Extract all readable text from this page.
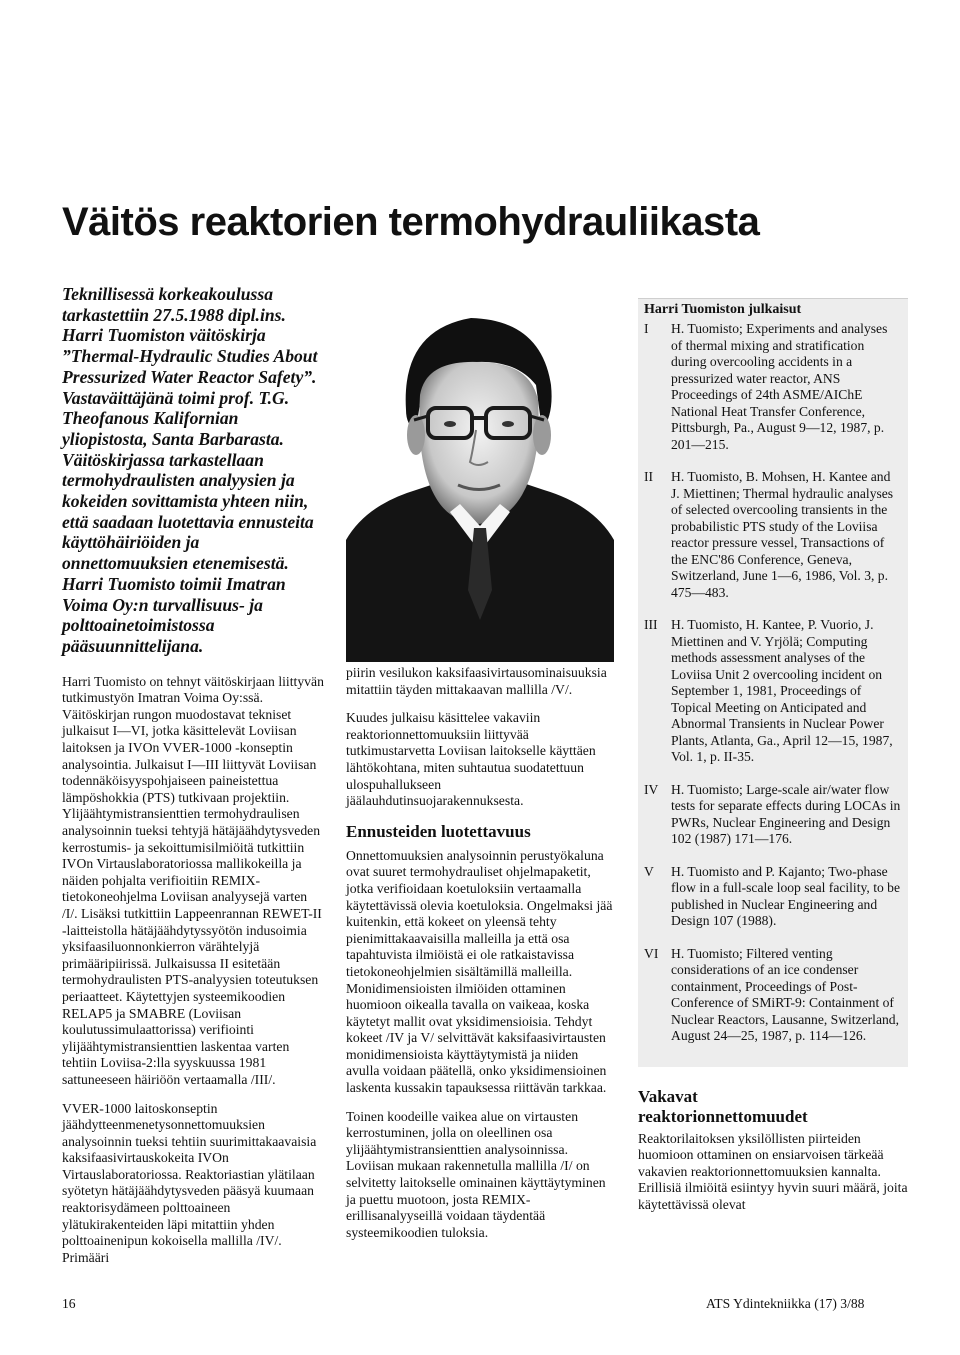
Väitös reaktorien termohydrauliikasta

Teknillisessä korkeakoulussa tarkastettiin 27.5.1988 dipl.ins. Harri Tuomiston väitöskirja ”Thermal-Hydraulic Studies About Pressurized Water Reactor Safety”. Vastaväittäjänä toimi prof. T.G. Theofanous Kalifornian yliopistosta, Santa Barbarasta. Väitöskirjassa tarkastellaan termohydraulisten analyysien ja kokeiden sovittamista yhteen niin, että saadaan luotettavia ennusteita käyttöhäiriöiden ja onnettomuuksien etenemisestä. Harri Tuomisto toimii Imatran Voima Oy:n turvallisuus- ja polttoainetoimistossa pääsuunnittelijana.

Harri Tuomisto on tehnyt väitöskirjaan liittyvän tutkimustyön Imatran Voima Oy:ssä. Väitöskirjan rungon muodostavat tekniset julkaisut I—VI, jotka käsittelevät Loviisan laitoksen ja IVOn VVER-1000 -konseptin analysointia. Julkaisut I—III liittyvät Loviisan todennäköisyyspohjaiseen paineistettua lämpöshokkia (PTS) tutkivaan projektiin. Ylijäähtymistransienttien termohydraulisen analysoinnin tueksi tehtyjä hätäjäähdytysveden kerrostumis- ja sekoittumisilmiöitä tutkittiin IVOn Virtauslaboratoriossa mallikokeilla ja näiden pohjalta verifioitiin REMIX-tietokoneohjelma Loviisan analyysejä varten /I/. Lisäksi tutkittiin Lappeenrannan REWET-II -laitteistolla hätäjäähdytyssyötön indusoimia yksifaasiluonnonkierron värähtelyjä primääripiirissä. Julkaisussa II esitetään termohydraulisten PTS-analyysien toteutuksen periaatteet. Käytettyjen systeemikoodien RELAP5 ja SMABRE (Loviisan koulutussimulaattorissa) verifiointi ylijäähtymistransienttien laskentaa varten tehtiin Loviisa-2:lla syyskuussa 1981 sattuneeseen häiriöön vertaamalla /III/.

VVER-1000 laitoskonseptin jäähdytteenmenetysonnettomuuksien analysoinnin tueksi tehtiin suurimittakaavaisia kaksifaasivirtauskokeita IVOn Virtauslaboratoriossa. Reaktoriastian ylätilaan syötetyn hätäjäähdytysveden pääsyä kuumaan reaktorisydämeen polttoaineen ylätukirakenteiden läpi mitattiin yhden polttoainenipun kokoisella mallilla /IV/. Primääri

piirin vesilukon kaksifaasivirtausominaisuuksia mitattiin täyden mittakaavan mallilla /V/.

Kuudes julkaisu käsittelee vakaviin reaktorionnettomuuksiin liittyvää tutkimustarvetta Loviisan laitokselle käyttäen lähtökohtana, miten suhtautua suodatettuun ulospuhallukseen jäälauhdutinsuojarakennuksesta.

Ennusteiden luotettavuus

Onnettomuuksien analysoinnin perustyökaluna ovat suuret termohydrauliset ohjelmapaketit, jotka verifioidaan koetuloksiin vertaamalla käytettävissä olevia koetuloksia. Ongelmaksi jää kuitenkin, että kokeet on yleensä tehty pienimittakaavaisilla malleilla ja että osa tapahtuvista ilmiöistä ei ole ratkaistavissa tietokoneohjelmien sisältämillä malleilla. Monidimensioisten ilmiöiden ottaminen huomioon oikealla tavalla on vaikeaa, koska käytetyt mallit ovat yksidimensioisia. Tehdyt kokeet /IV ja V/ selvittävät kaksifaasivirtausten monidimensioista käyttäytymistä ja niiden avulla voidaan päätellä, onko yksidimensioinen laskenta kussakin tapauksessa riittävän tarkkaa.

Toinen koodeille vaikea alue on virtausten kerrostuminen, jolla on oleellinen osa ylijäähtymistransienttien analysoinnissa. Loviisan mukaan rakennetulla mallilla /I/ on selvitetty laitokselle ominainen käyttäytyminen ja puettu muotoon, josta REMIX-erillisanalyyseillä voidaan täydentää systeemikoodien tuloksia.

Harri Tuomiston julkaisut
I	H. Tuomisto; Experiments and analyses of thermal mixing and stratification during overcooling accidents in a pressurized water reactor, ANS Proceedings of 24th ASME/AIChE National Heat Transfer Conference, Pittsburgh, Pa., August 9—12, 1987, p. 201—215.
II	H. Tuomisto, B. Mohsen, H. Kantee and J. Miettinen; Thermal hydraulic analyses of selected overcooling transients in the probabilistic PTS study of the Loviisa reactor pressure vessel, Transactions of the ENC'86 Conference, Geneva, Switzerland, June 1—6, 1986, Vol. 3, p. 475—483.
III H. Tuomisto, H. Kantee, P. Vuorio, J. Miettinen and V. Yrjölä; Computing methods assessment analyses of the Loviisa Unit 2 overcooling incident on September 1, 1981, Proceedings of Topical Meeting on Anticipated and Abnormal Transients in Nuclear Power Plants, Atlanta, Ga., April 12—15, 1987, Vol. 1, p. II-35.
IV H. Tuomisto; Large-scale air/water flow tests for separate effects during LOCAs in PWRs, Nuclear Engineering and Design 102 (1987) 171—176.
V	H. Tuomisto and P. Kajanto; Two-phase flow in a full-scale loop seal facility, to be published in Nuclear Engineering and Design 107 (1988).
VI H. Tuomisto; Filtered venting considerations of an ice condenser containment, Proceedings of Post-Conference of SMiRT-9: Containment of Nuclear Reactors, Lausanne, Switzerland, August 24—25, 1987, p. 114—126.
Vakavat reaktorionnettomuudet

Reaktorilaitoksen yksilöllisten piirteiden huomioon ottaminen on ensiarvoisen tärkeää vakavien reaktorionnettomuuksien kannalta. Erillisiä ilmiöitä esiintyy hyvin suuri määrä, joita käytettävissä olevat

16	ATS Ydintekniikka (17) 3/88
